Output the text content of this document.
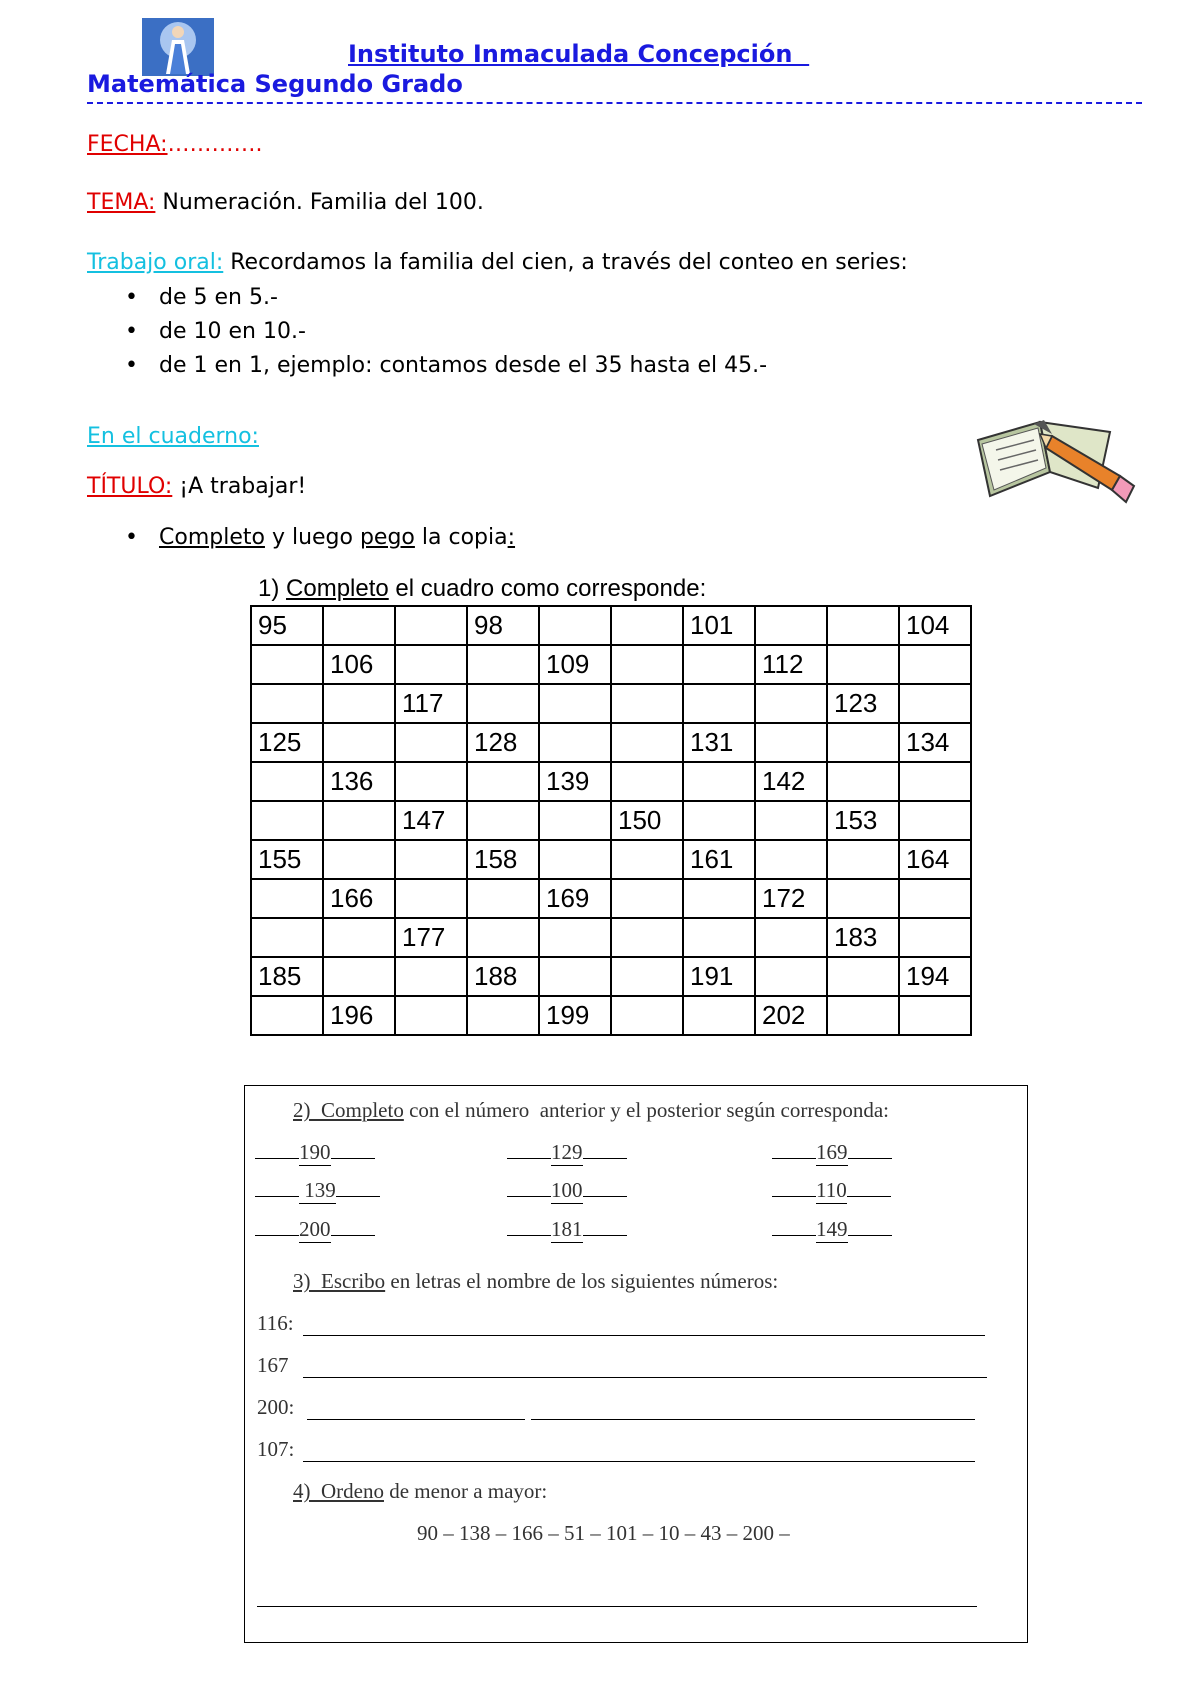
Instituto Inmaculada Concepción
Matemática Segundo Grado
FECHA:………….
TEMA: Numeración. Familia del 100.
Trabajo oral: Recordamos la familia del cien, a través del conteo en series:
• de 5 en 5.-
• de 10 en 10.-
• de 1 en 1, ejemplo: contamos desde el 35 hasta el 45.-
En el cuaderno:
TÍTULO: ¡A trabajar!
• Completo y luego pego la copia:
1) Completo el cuadro como corresponde:
95			98			101			104
	106			109			112		
		117						123	
125			128			131			134
	136			139			142		
		147			150			153	
155			158			161			164
	166			169			172		
		177						183	
185			188			191			194
	196			199			202		
2)  Completo con el número  anterior y el posterior según corresponda:
190	129	169
139	100	110
200	181	149
3)  Escribo en letras el nombre de los siguientes números:
116:
167
200:
107:
4)  Ordeno de menor a mayor:
90 – 138 – 166 – 51 – 101 – 10 – 43 – 200 –
